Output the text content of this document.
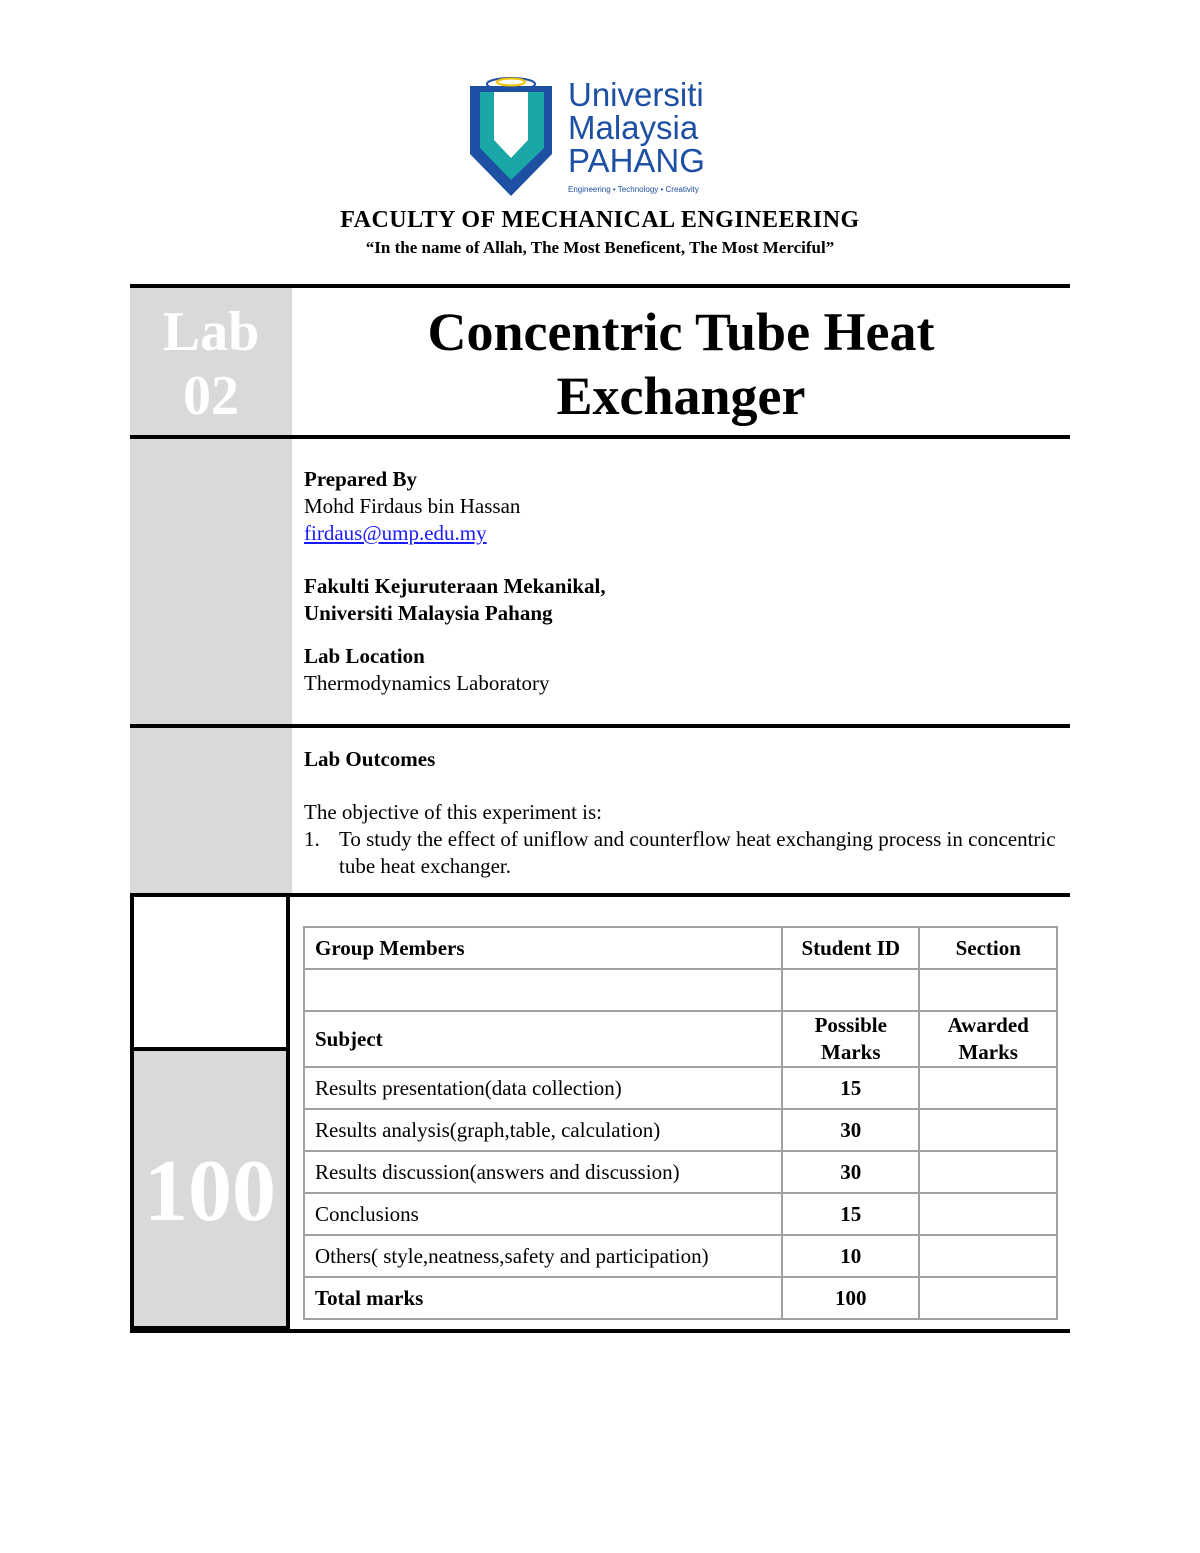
Universiti
Malaysia
PAHANG
Engineering • Technology • Creativity
FACULTY OF MECHANICAL ENGINEERING
“In the name of Allah, The Most Beneficent, The Most Merciful”
Lab
02
Concentric Tube Heat
Exchanger
Prepared By
Mohd Firdaus bin Hassan
firdaus@ump.edu.my
Fakulti Kejuruteraan Mekanikal,
Universiti Malaysia Pahang
Lab Location
Thermodynamics Laboratory
Lab Outcomes
The objective of this experiment is:
1. To study the effect of uniflow and counterflow heat exchanging process in concentric tube heat exchanger.
100
Group Members	Student ID	Section

Subject	Possible Marks	Awarded Marks
Results presentation(data collection)	15	
Results analysis(graph,table, calculation)	30	
Results discussion(answers and discussion)	30	
Conclusions	15	
Others( style,neatness,safety and participation)	10	
Total marks	100	
